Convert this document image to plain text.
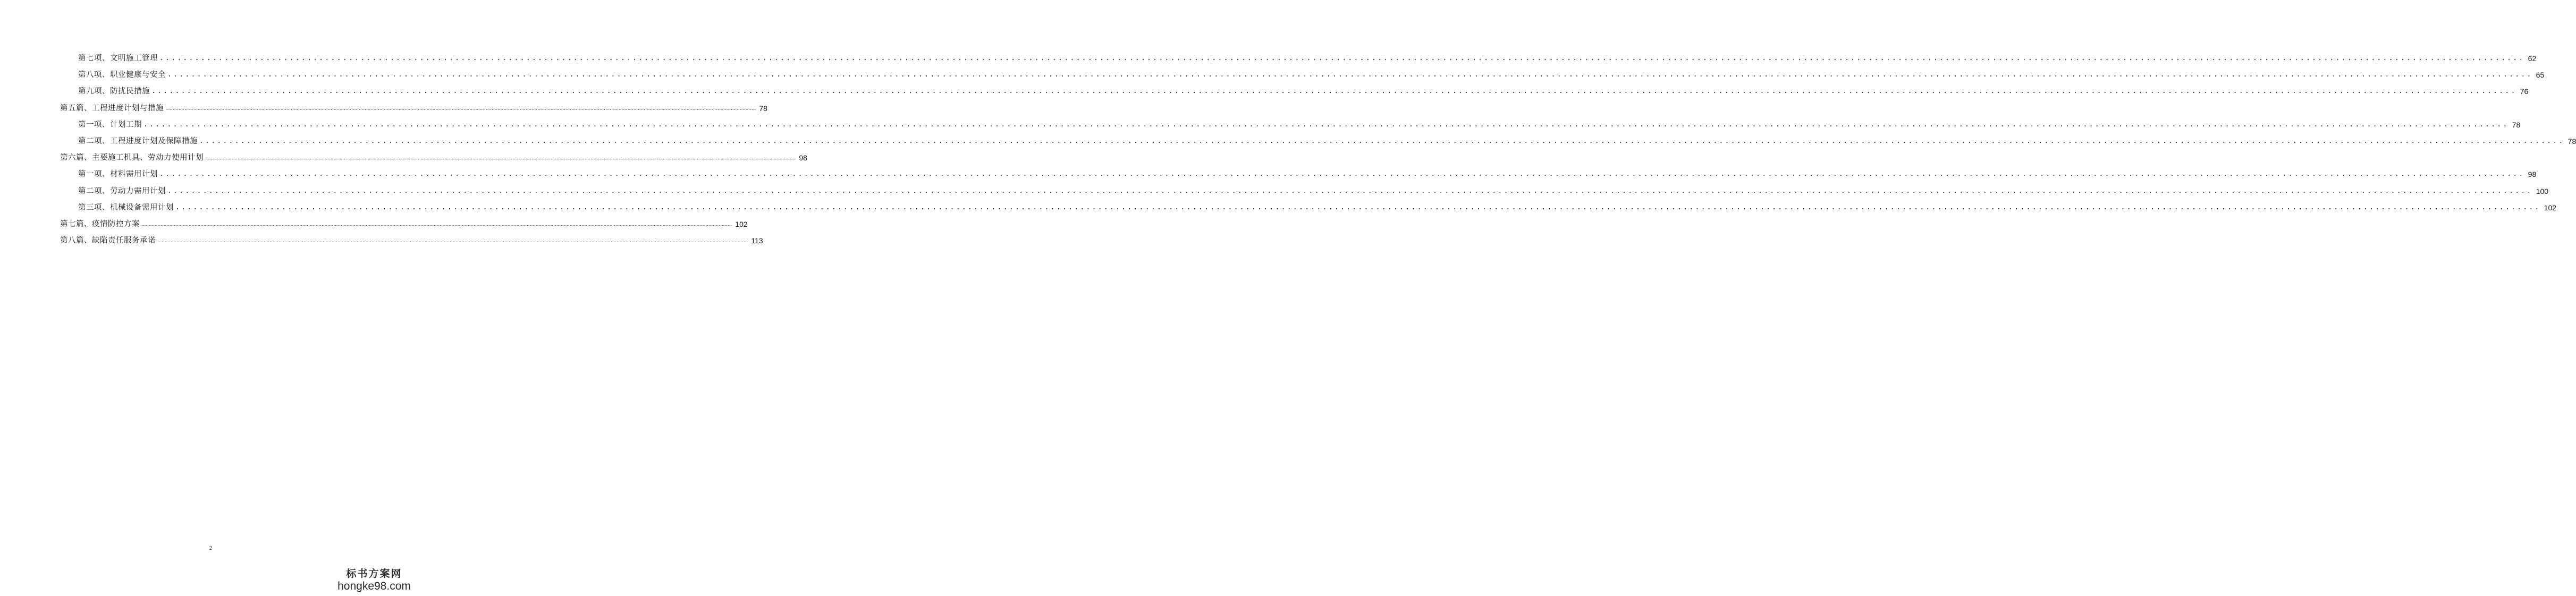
第七项、文明施工管理 ................................................................................................................................................................................................................................................................................................................................................................................................................ 62
第八项、职业健康与安全 ................................................................................................................................................................................................................................................................................................................................................................................................................ 65
第九项、防扰民措施 ................................................................................................................................................................................................................................................................................................................................................................................................................ 76
第五篇、工程进度计划与措施 ................................................................................................................................................................................................................................................................................................................................................................................................................ 78
第一项、计划工期 ................................................................................................................................................................................................................................................................................................................................................................................................................ 78
第二项、工程进度计划及保障措施 ................................................................................................................................................................................................................................................................................................................................................................................................................ 78
第六篇、主要施工机具、劳动力使用计划 ................................................................................................................................................................................................................................................................................................................................................................................................................ 98
第一项、材料需用计划 ................................................................................................................................................................................................................................................................................................................................................................................................................ 98
第二项、劳动力需用计划 ................................................................................................................................................................................................................................................................................................................................................................................................................ 100
第三项、机械设备需用计划 ................................................................................................................................................................................................................................................................................................................................................................................................................ 102
第七篇、疫情防控方案 ................................................................................................................................................................................................................................................................................................................................................................................................................ 102
第八篇、缺陷责任服务承诺 ................................................................................................................................................................................................................................................................................................................................................................................................................ 113
2
标书方案网
hongke98.com
